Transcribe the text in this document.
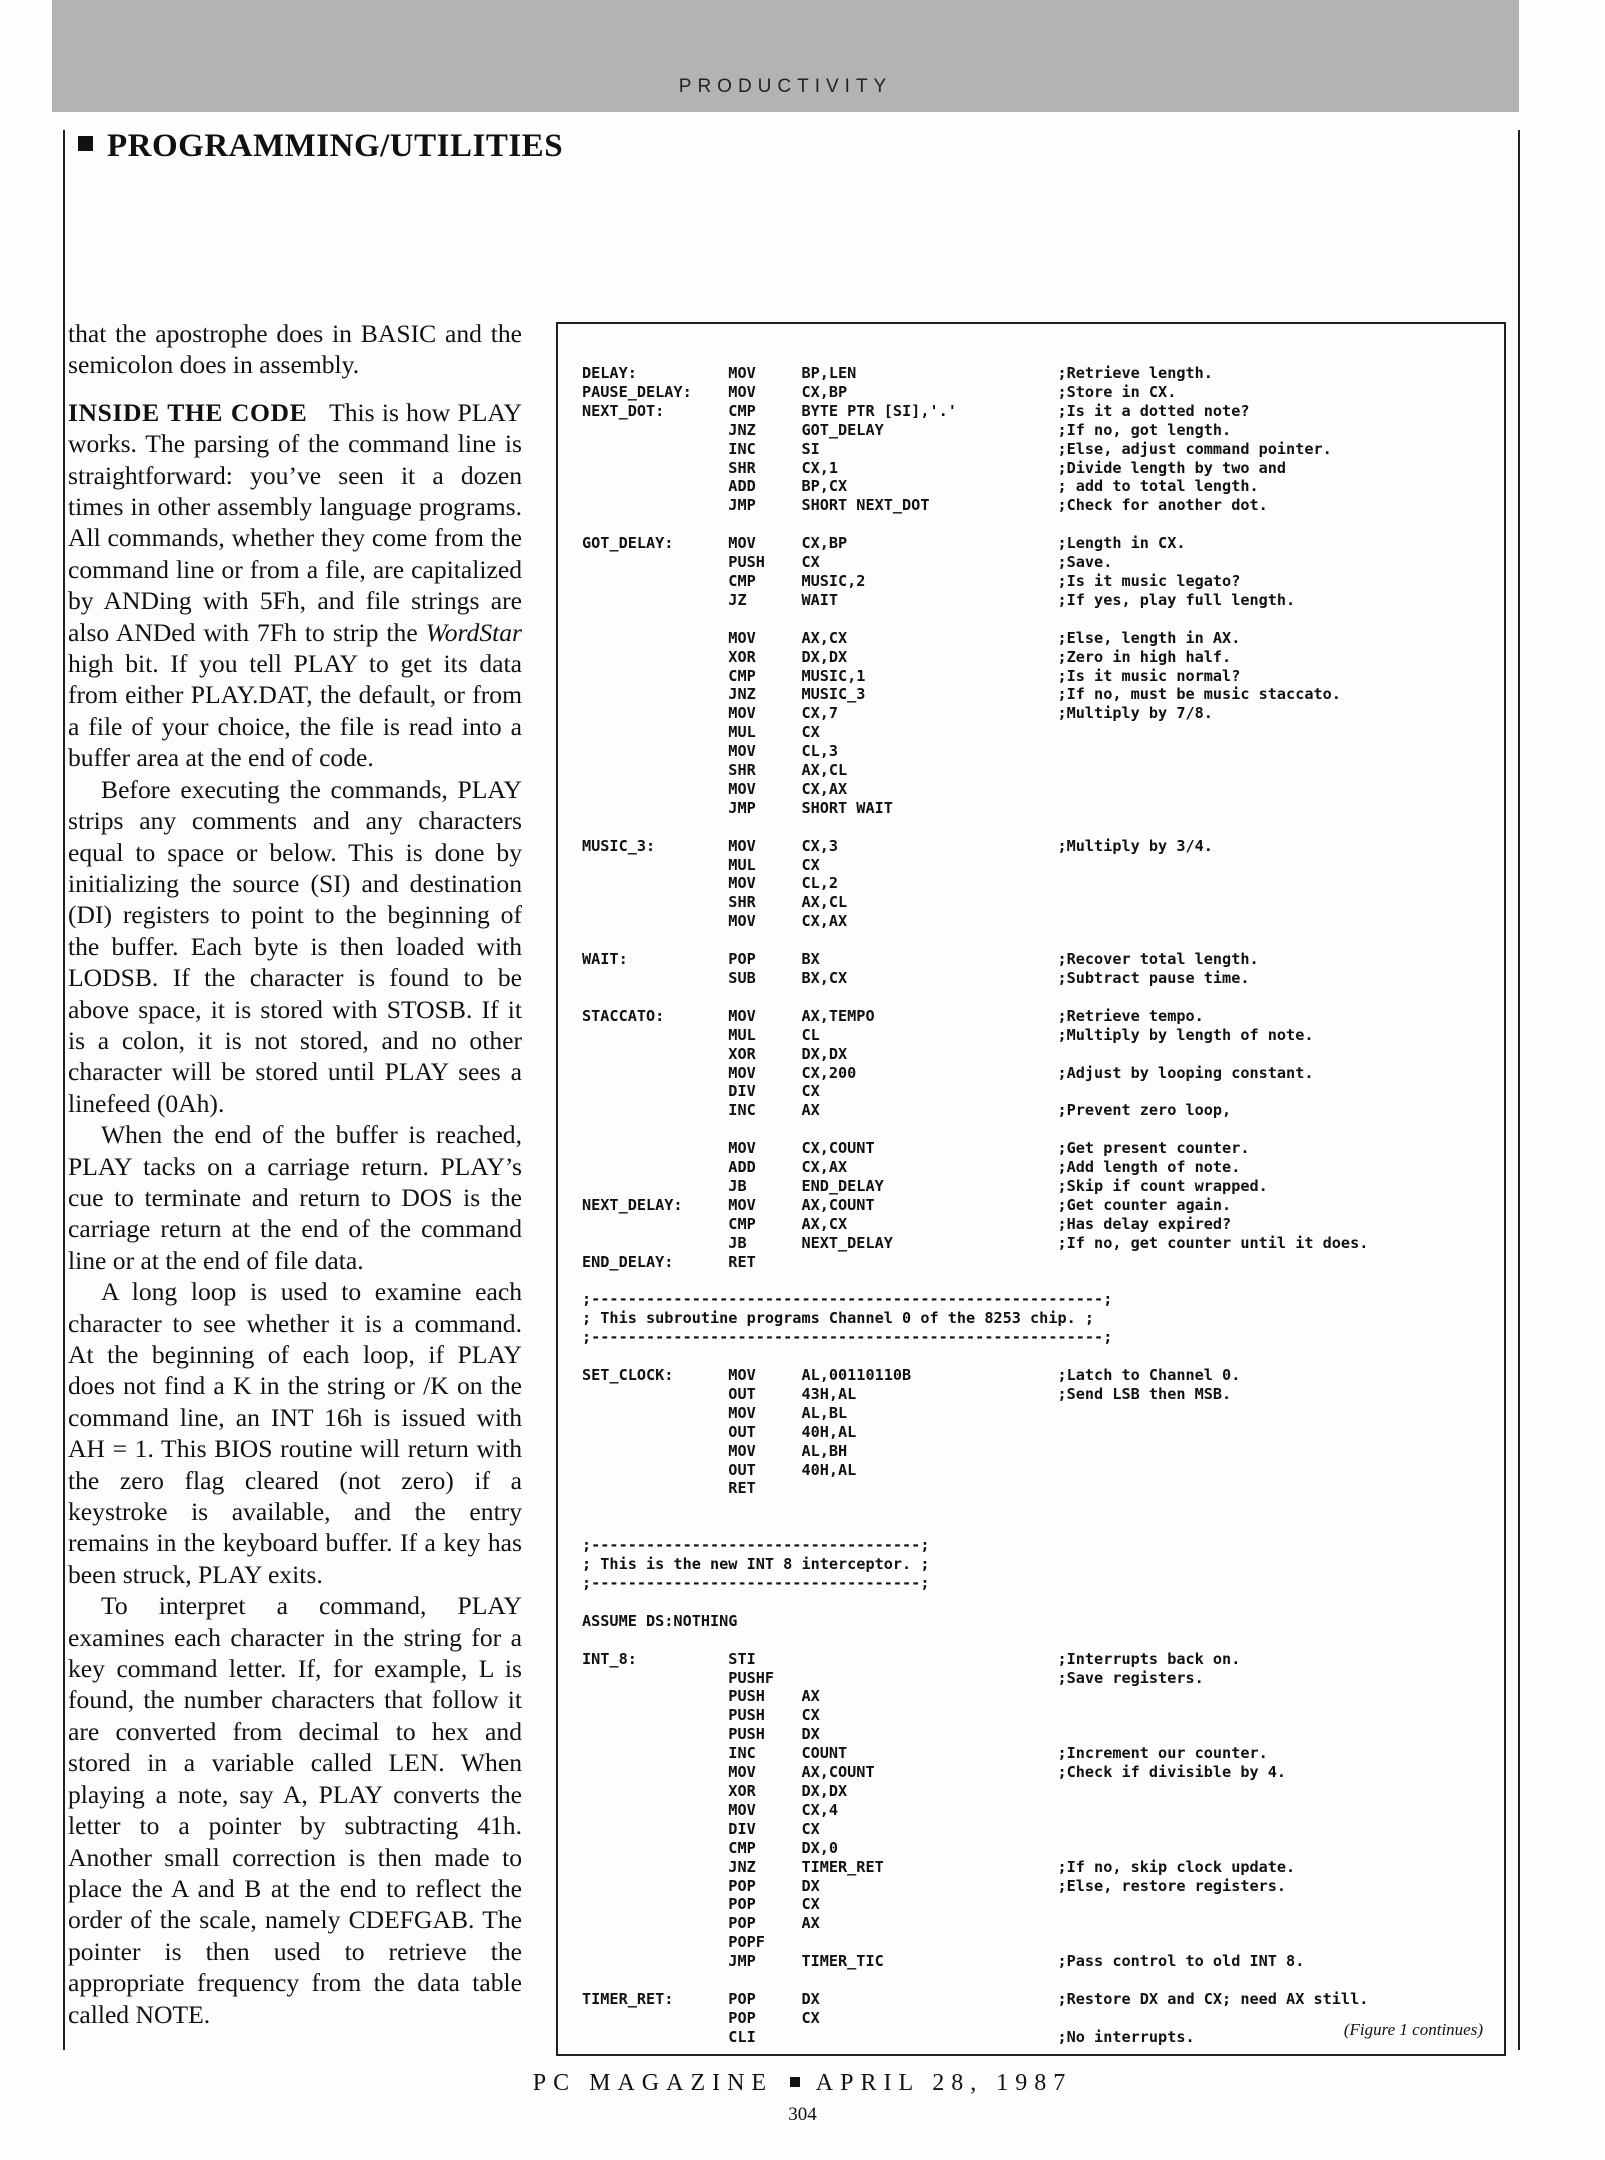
PRODUCTIVITY
PROGRAMMING/UTILITIES

that the apostrophe does in BASIC and the semicolon does in assembly.

INSIDE THE CODE This is how PLAY works. The parsing of the command line is straightforward: you’ve seen it a dozen times in other assembly language programs. All commands, whether they come from the command line or from a file, are capitalized by ANDing with 5Fh, and file strings are also ANDed with 7Fh to strip the WordStar high bit. If you tell PLAY to get its data from either PLAY.DAT, the default, or from a file of your choice, the file is read into a buffer area at the end of code.

Before executing the commands, PLAY strips any comments and any characters equal to space or below. This is done by initializing the source (SI) and destination (DI) registers to point to the beginning of the buffer. Each byte is then loaded with LODSB. If the character is found to be above space, it is stored with STOSB. If it is a colon, it is not stored, and no other character will be stored until PLAY sees a linefeed (0Ah).

When the end of the buffer is reached, PLAY tacks on a carriage return. PLAY’s cue to terminate and return to DOS is the carriage return at the end of the command line or at the end of file data.

A long loop is used to examine each character to see whether it is a command. At the beginning of each loop, if PLAY does not find a K in the string or /K on the command line, an INT 16h is issued with AH = 1. This BIOS routine will return with the zero flag cleared (not zero) if a keystroke is available, and the entry remains in the keyboard buffer. If a key has been struck, PLAY exits.

To interpret a command, PLAY examines each character in the string for a key command letter. If, for example, L is found, the number characters that follow it are converted from decimal to hex and stored in a variable called LEN. When playing a note, say A, PLAY converts the letter to a pointer by subtracting 41h. Another small correction is then made to place the A and B at the end to reflect the order of the scale, namely CDEFGAB. The pointer is then used to retrieve the appropriate frequency from the data table called NOTE.

DELAY:          MOV     BP,LEN                      ;Retrieve length.
PAUSE_DELAY:    MOV     CX,BP                       ;Store in CX.
NEXT_DOT:       CMP     BYTE PTR [SI],'.'           ;Is it a dotted note?
JNZ     GOT_DELAY                   ;If no, got length.
INC     SI                          ;Else, adjust command pointer.
SHR     CX,1                        ;Divide length by two and
ADD     BP,CX                       ; add to total length.
JMP     SHORT NEXT_DOT              ;Check for another dot.

GOT_DELAY:      MOV     CX,BP                       ;Length in CX.
PUSH    CX                          ;Save.
CMP     MUSIC,2                     ;Is it music legato?
JZ      WAIT                        ;If yes, play full length.

MOV     AX,CX                       ;Else, length in AX.
XOR     DX,DX                       ;Zero in high half.
CMP     MUSIC,1                     ;Is it music normal?
JNZ     MUSIC_3                     ;If no, must be music staccato.
MOV     CX,7                        ;Multiply by 7/8.
MUL     CX
MOV     CL,3
SHR     AX,CL
MOV     CX,AX
JMP     SHORT WAIT

MUSIC_3:        MOV     CX,3                        ;Multiply by 3/4.
MUL     CX
MOV     CL,2
SHR     AX,CL
MOV     CX,AX

WAIT:           POP     BX                          ;Recover total length.
SUB     BX,CX                       ;Subtract pause time.

STACCATO:       MOV     AX,TEMPO                    ;Retrieve tempo.
MUL     CL                          ;Multiply by length of note.
XOR     DX,DX
MOV     CX,200                      ;Adjust by looping constant.
DIV     CX
INC     AX                          ;Prevent zero loop,

MOV     CX,COUNT                    ;Get present counter.
ADD     CX,AX                       ;Add length of note.
JB      END_DELAY                   ;Skip if count wrapped.
NEXT_DELAY:     MOV     AX,COUNT                    ;Get counter again.
CMP     AX,CX                       ;Has delay expired?
JB      NEXT_DELAY                  ;If no, get counter until it does.
END_DELAY:      RET

;--------------------------------------------------------;
; This subroutine programs Channel 0 of the 8253 chip. ;
;--------------------------------------------------------;

SET_CLOCK:      MOV     AL,00110110B                ;Latch to Channel 0.
OUT     43H,AL                      ;Send LSB then MSB.
MOV     AL,BL
OUT     40H,AL
MOV     AL,BH
OUT     40H,AL
RET

;------------------------------------;
; This is the new INT 8 interceptor. ;
;------------------------------------;

ASSUME DS:NOTHING

INT_8:          STI                                 ;Interrupts back on.
PUSHF                               ;Save registers.
PUSH    AX
PUSH    CX
PUSH    DX
INC     COUNT                       ;Increment our counter.
MOV     AX,COUNT                    ;Check if divisible by 4.
XOR     DX,DX
MOV     CX,4
DIV     CX
CMP     DX,0
JNZ     TIMER_RET                   ;If no, skip clock update.
POP     DX                          ;Else, restore registers.
POP     CX
POP     AX
POPF
JMP     TIMER_TIC                   ;Pass control to old INT 8.

TIMER_RET:      POP     DX                          ;Restore DX and CX; need AX still.
POP     CX
CLI                                 ;No interrupts.	(Figure 1 continues)
PC MAGAZINE APRIL 28, 1987
304
